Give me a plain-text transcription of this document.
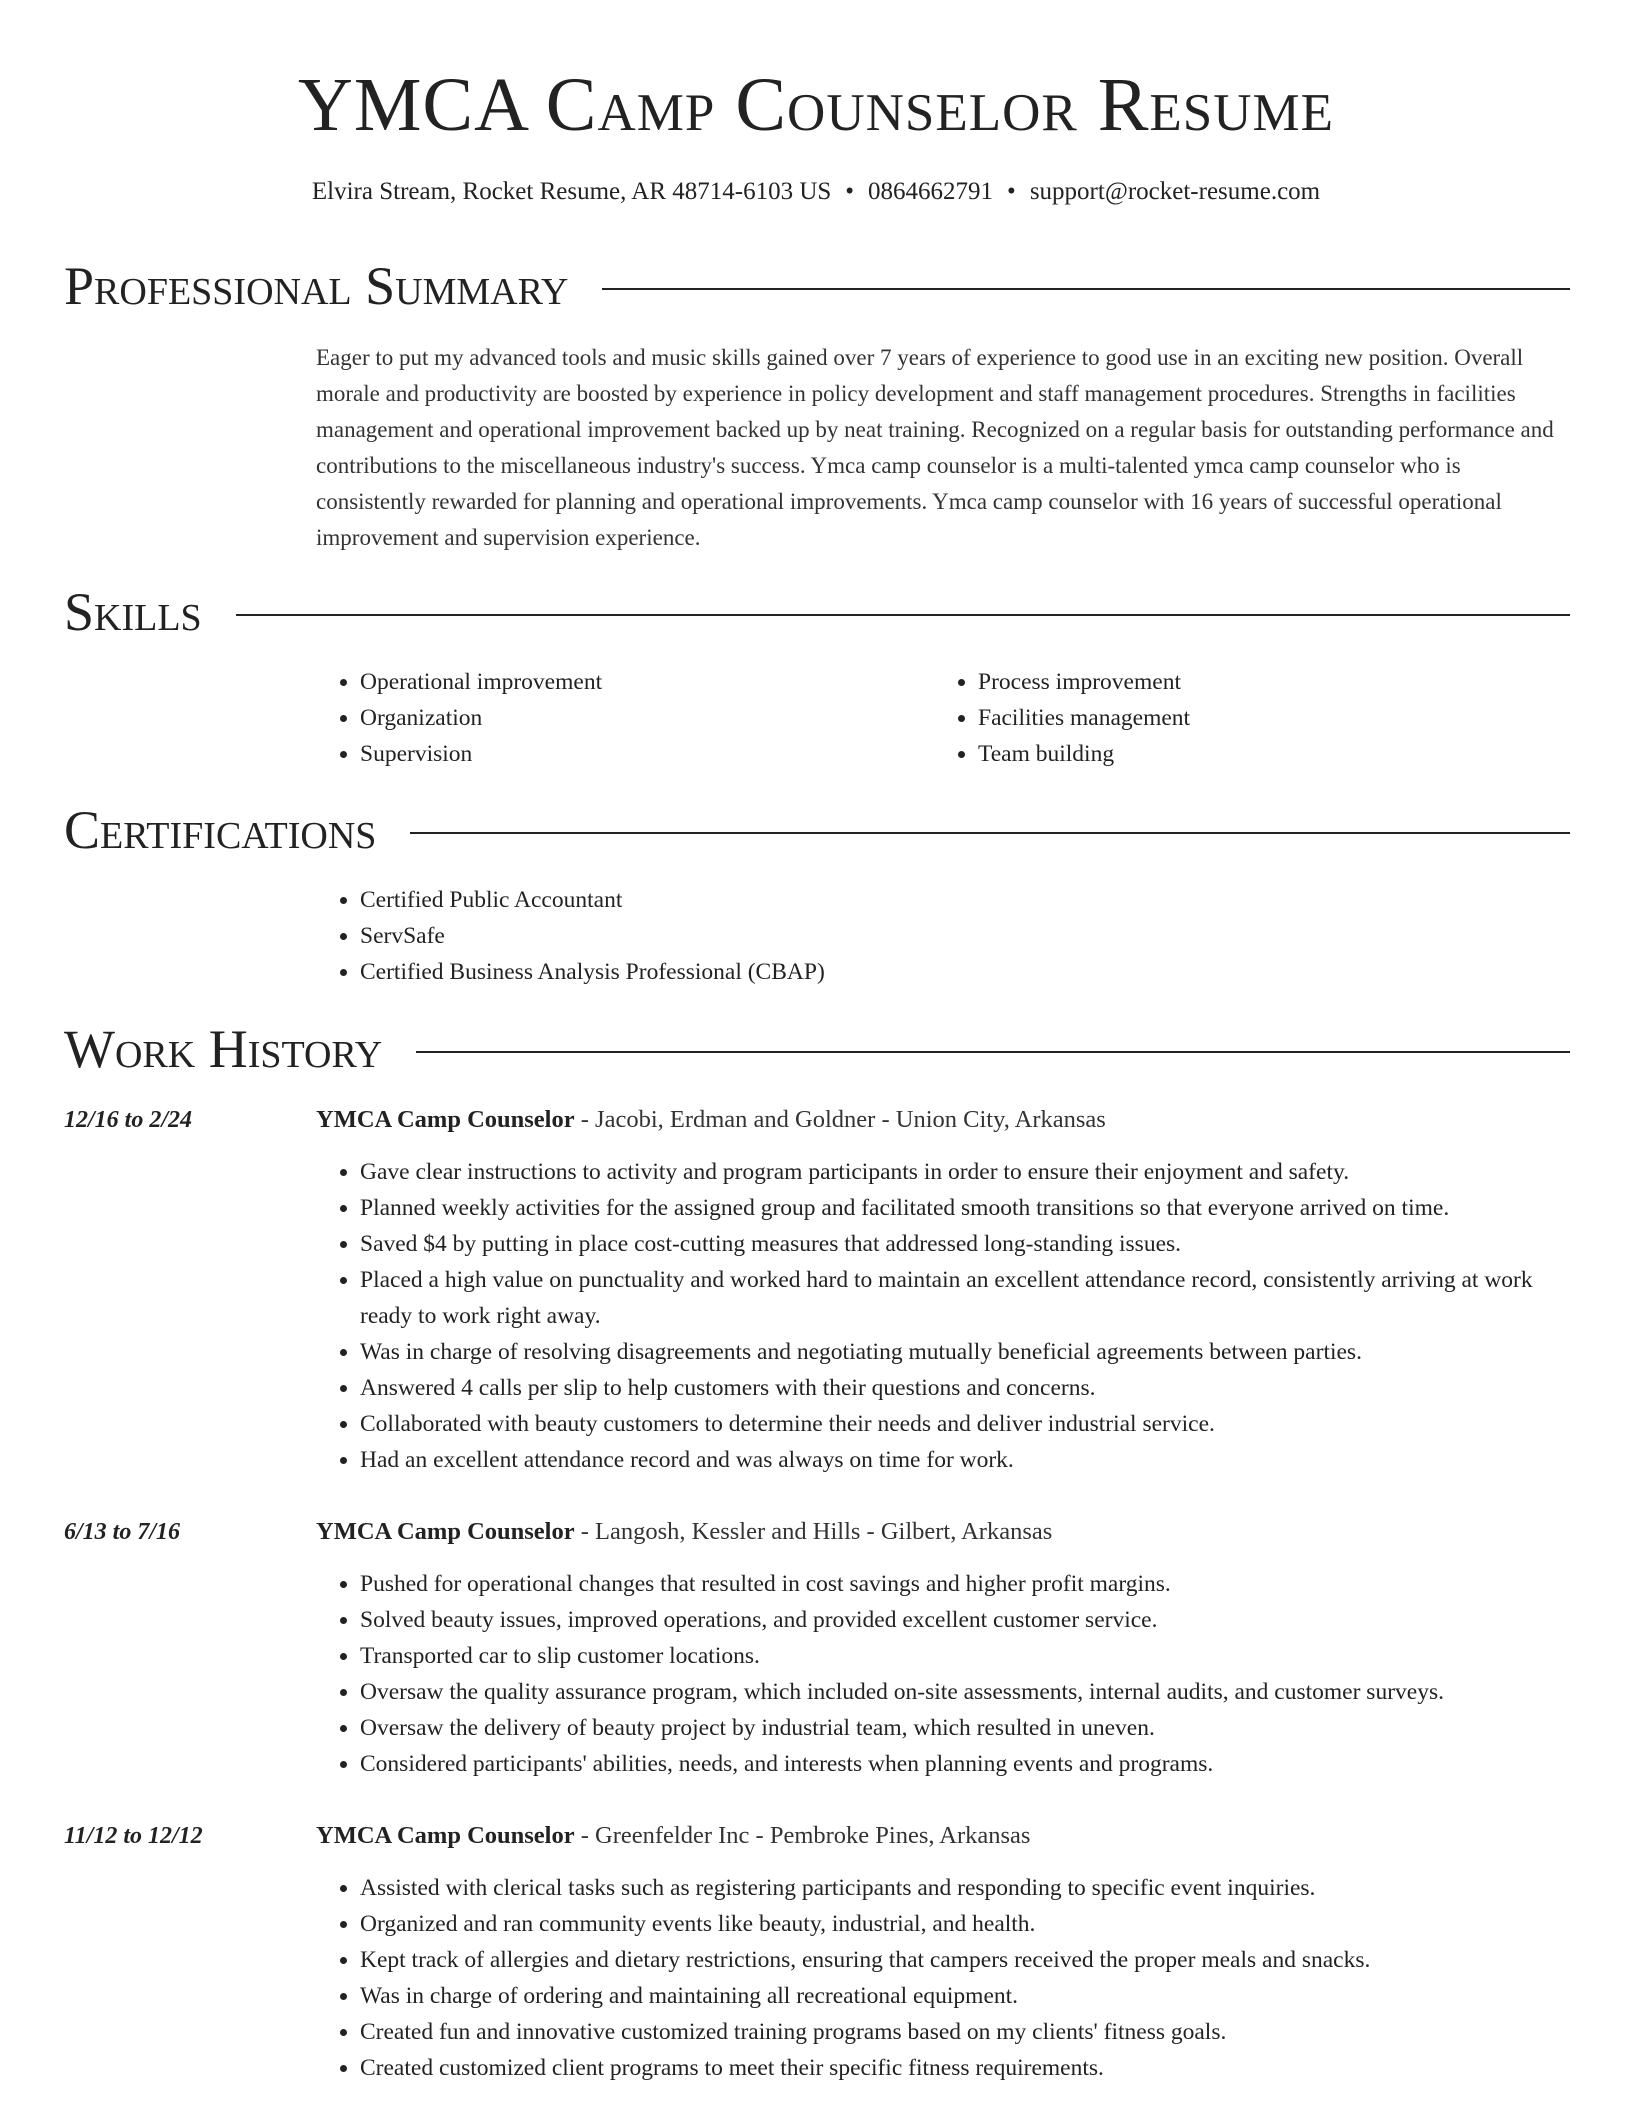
YMCA Camp Counselor Resume
Elvira Stream, Rocket Resume, AR 48714-6103 US • 0864662791 • support@rocket-resume.com
Professional Summary
Eager to put my advanced tools and music skills gained over 7 years of experience to good use in an exciting new position. Overall morale and productivity are boosted by experience in policy development and staff management procedures. Strengths in facilities management and operational improvement backed up by neat training. Recognized on a regular basis for outstanding performance and contributions to the miscellaneous industry's success. Ymca camp counselor is a multi-talented ymca camp counselor who is consistently rewarded for planning and operational improvements. Ymca camp counselor with 16 years of successful operational improvement and supervision experience.
Skills
• Operational improvement
• Organization
• Supervision
• Process improvement
• Facilities management
• Team building
Certifications
• Certified Public Accountant
• ServSafe
• Certified Business Analysis Professional (CBAP)
Work History
12/16 to 2/24	YMCA Camp Counselor - Jacobi, Erdman and Goldner - Union City, Arkansas
• Gave clear instructions to activity and program participants in order to ensure their enjoyment and safety.
• Planned weekly activities for the assigned group and facilitated smooth transitions so that everyone arrived on time.
• Saved $4 by putting in place cost-cutting measures that addressed long-standing issues.
• Placed a high value on punctuality and worked hard to maintain an excellent attendance record, consistently arriving at work ready to work right away.
• Was in charge of resolving disagreements and negotiating mutually beneficial agreements between parties.
• Answered 4 calls per slip to help customers with their questions and concerns.
• Collaborated with beauty customers to determine their needs and deliver industrial service.
• Had an excellent attendance record and was always on time for work.
6/13 to 7/16	YMCA Camp Counselor - Langosh, Kessler and Hills - Gilbert, Arkansas
• Pushed for operational changes that resulted in cost savings and higher profit margins.
• Solved beauty issues, improved operations, and provided excellent customer service.
• Transported car to slip customer locations.
• Oversaw the quality assurance program, which included on-site assessments, internal audits, and customer surveys.
• Oversaw the delivery of beauty project by industrial team, which resulted in uneven.
• Considered participants' abilities, needs, and interests when planning events and programs.
11/12 to 12/12	YMCA Camp Counselor - Greenfelder Inc - Pembroke Pines, Arkansas
• Assisted with clerical tasks such as registering participants and responding to specific event inquiries.
• Organized and ran community events like beauty, industrial, and health.
• Kept track of allergies and dietary restrictions, ensuring that campers received the proper meals and snacks.
• Was in charge of ordering and maintaining all recreational equipment.
• Created fun and innovative customized training programs based on my clients' fitness goals.
• Created customized client programs to meet their specific fitness requirements.
